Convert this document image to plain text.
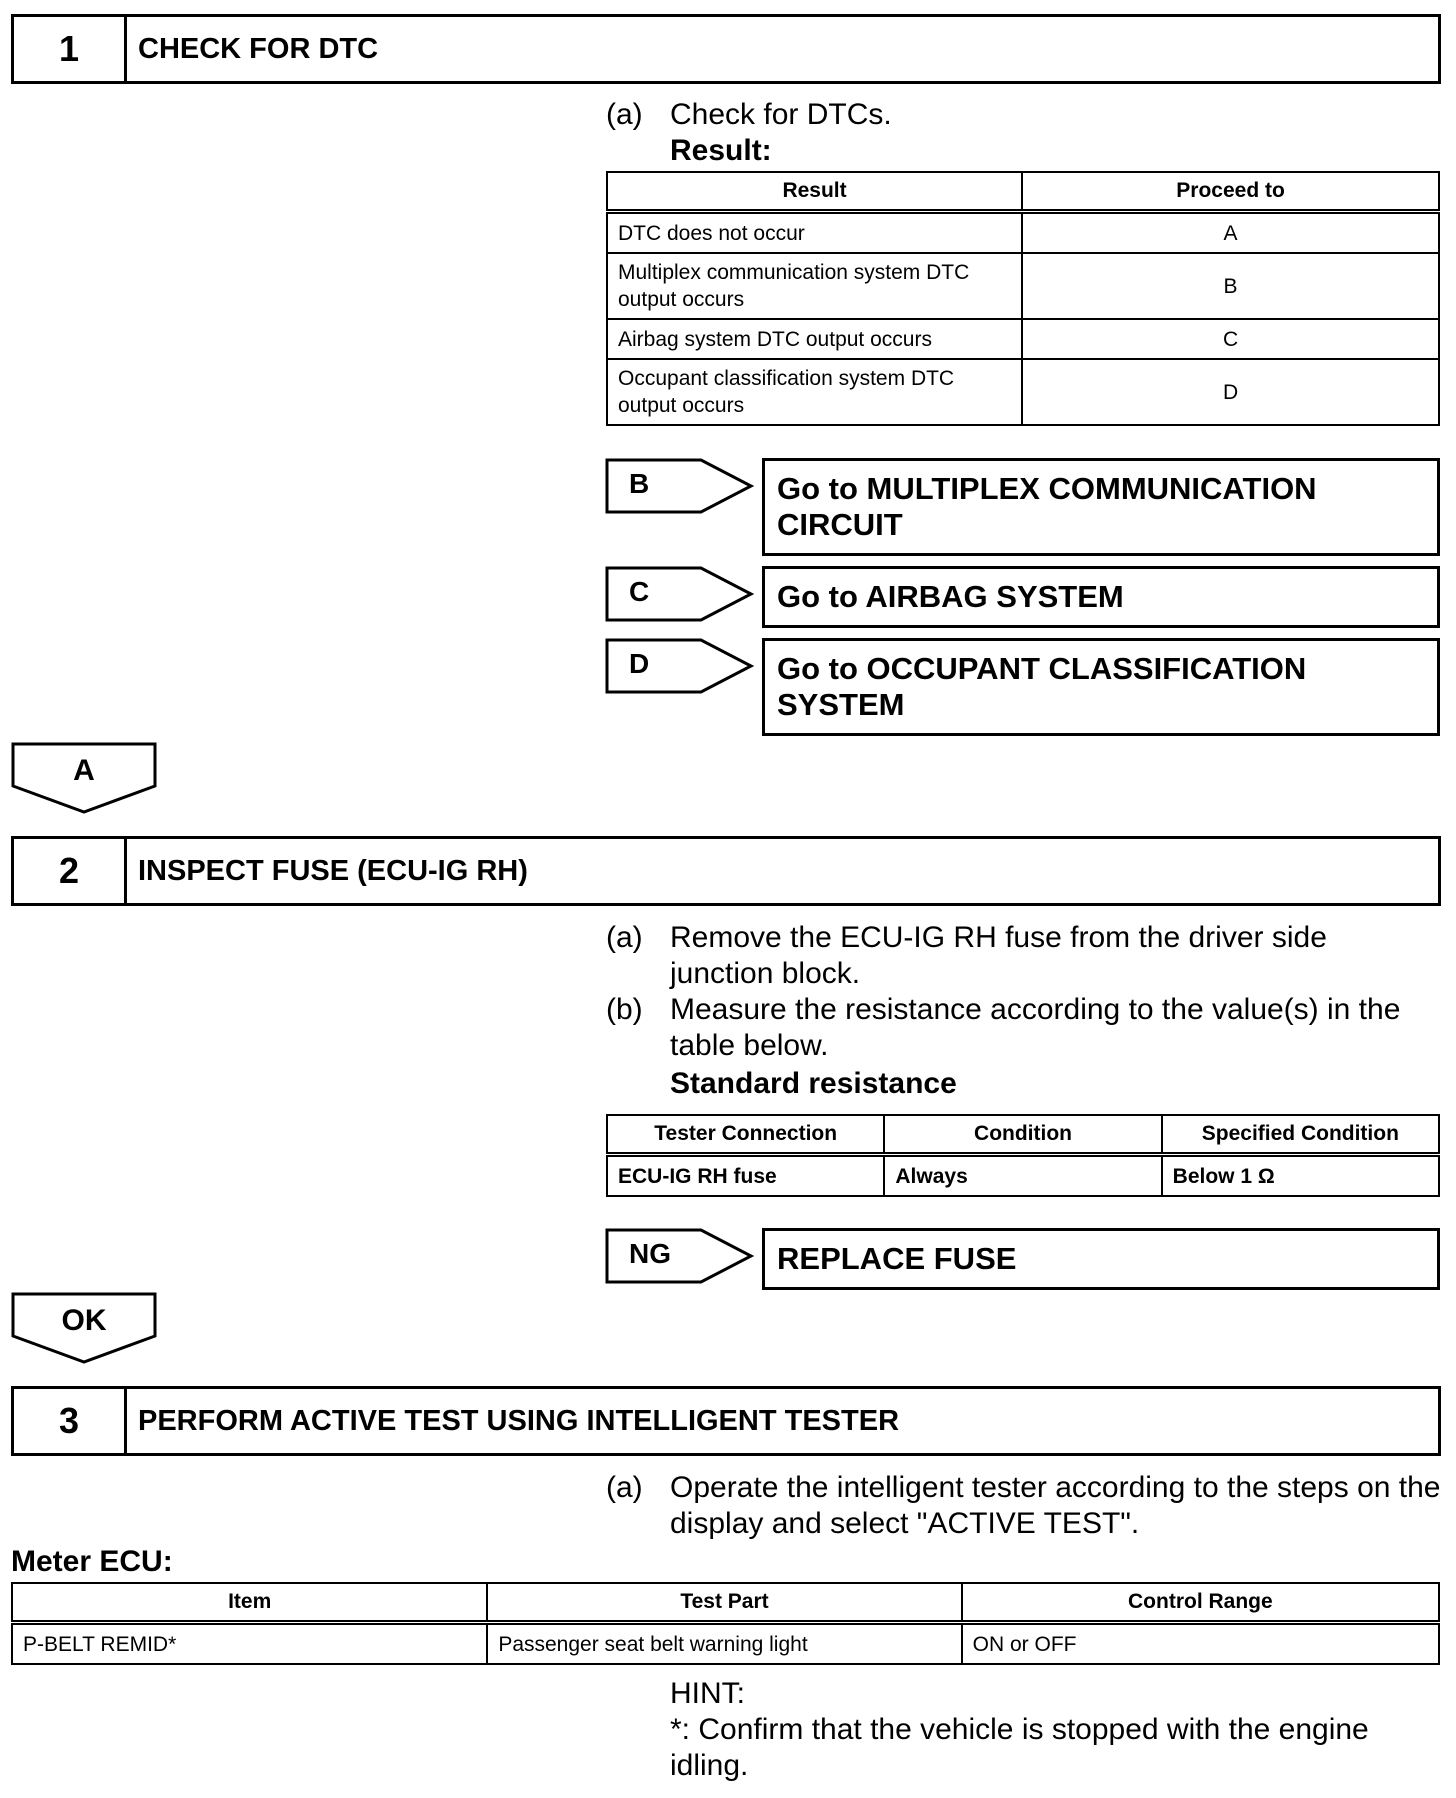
1	CHECK FOR DTC
(a) Check for DTCs.
Result:
Result	Proceed to
DTC does not occur	A
Multiplex communication system DTC output occurs	B
Airbag system DTC output occurs	C
Occupant classification system DTC output occurs	D
B	Go to MULTIPLEX COMMUNICATION CIRCUIT
C	Go to AIRBAG SYSTEM
D	Go to OCCUPANT CLASSIFICATION SYSTEM
A
2	INSPECT FUSE (ECU-IG RH)
(a) Remove the ECU-IG RH fuse from the driver side junction block.
(b) Measure the resistance according to the value(s) in the table below.
Standard resistance
Tester Connection	Condition	Specified Condition
ECU-IG RH fuse	Always	Below 1 Ω
NG	REPLACE FUSE
OK
3	PERFORM ACTIVE TEST USING INTELLIGENT TESTER
(a) Operate the intelligent tester according to the steps on the display and select "ACTIVE TEST".
Meter ECU:
Item	Test Part	Control Range
P-BELT REMID*	Passenger seat belt warning light	ON or OFF
HINT:
*: Confirm that the vehicle is stopped with the engine idling.
